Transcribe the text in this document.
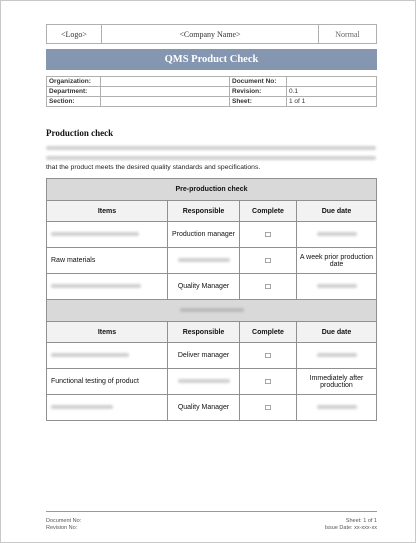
<Logo>	<Company Name>	Normal
QMS Product Check
Organization:		Document No:	
Department:		Revision:	0.1
Section:		Sheet:	1 of 1
Production check
that the product meets the desired quality standards and specifications.
Pre-production check			
Items	Responsible	Complete	Due date
	Production manager	☐	
Raw materials		☐	A week prior production date
	Quality Manager	☐	

Items	Responsible	Complete	Due date
	Deliver manager	☐	
Functional testing of product		☐	Immediately after production
	Quality Manager	☐	
Document No:
Revision No:
Sheet: 1 of 1
Issue Date: xx-xxx-xx
